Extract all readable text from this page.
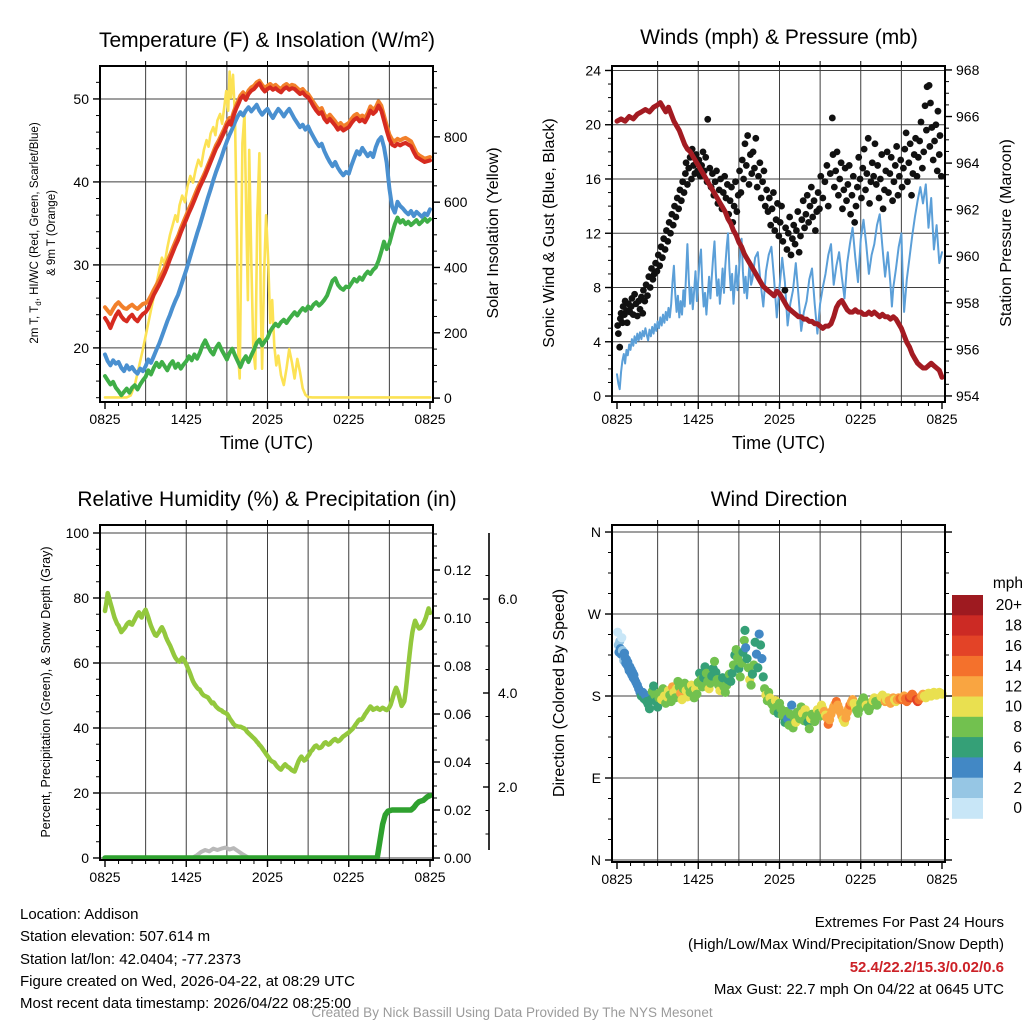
0825	1425	2025	0225	0825
20
30
40
50
0
200
400
600
800
0825	1425	2025	0225	0825
0
4
8
12
16
20
24
954
956
958
960
962
964
966
968
0825	1425	2025	0225	0825
0
20
40
60
80
100
0.00
0.02
0.04
0.06
0.08
0.10
0.12
2.0
4.0
6.0
0825	1425	2025	0225	0825
N
W
S
E
N
20+
18
16
14
12
10
8
6
4
2
0
mph
Temperature (F) & Insolation (W/m²)	Winds (mph) & Pressure (mb)
Relative Humidity (%) & Precipitation (in)	Wind Direction
Time (UTC)	Time (UTC)
2m T, $T_d$, HI/WC (Red, Green, Scarlet/Blue) & 9m T (Orange)	Solar Insolation (Yellow) Sonic Wind & Gust (Blue, Black)	Station Pressure (Maroon)
Percent, Precipitation (Green), & Snow Depth (Gray)	Direction (Colored By Speed)
Location: Addison
Station elevation: 507.614 m
Station lat/lon: 42.0404; -77.2373
Figure created on Wed, 2026-04-22, at 08:29 UTC
Most recent data timestamp: 2026/04/22 08:25:00
Extremes For Past 24 Hours
(High/Low/Max Wind/Precipitation/Snow Depth)
52.4/22.2/15.3/0.02/0.6
Max Gust: 22.7 mph On 04/22 at 0645 UTC
Created By Nick Bassill Using Data Provided By The NYS Mesonet
